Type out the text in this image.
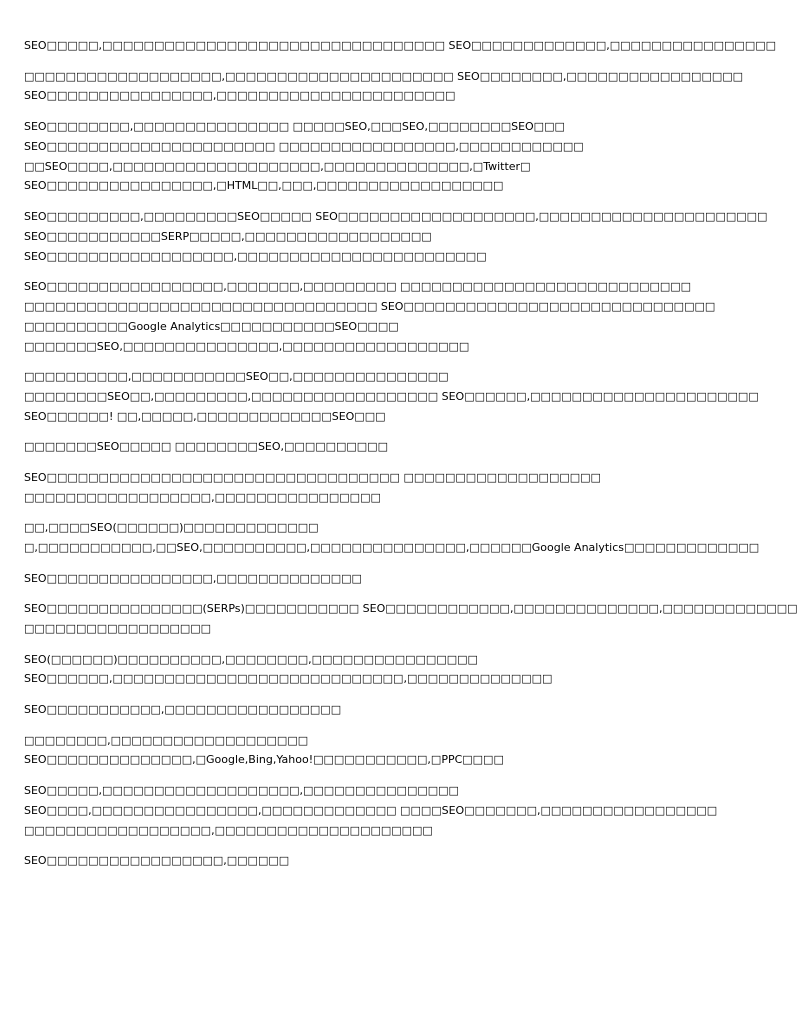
SEO□□□□□,□□□□□□□□□□□□□□□□□□□□□□□□□□□□□□□□□ SEO□□□□□□□□□□□□□,□□□□□□□□□□□□□□□□

□□□□□□□□□□□□□□□□□□□,□□□□□□□□□□□□□□□□□□□□□□ SEO□□□□□□□□,□□□□□□□□□□□□□□□□□
SEO□□□□□□□□□□□□□□□□,□□□□□□□□□□□□□□□□□□□□□□□

SEO□□□□□□□□,□□□□□□□□□□□□□□□ □□□□□SEO,□□□SEO,□□□□□□□□SEO□□□
SEO□□□□□□□□□□□□□□□□□□□□□□ □□□□□□□□□□□□□□□□□,□□□□□□□□□□□□
□□SEO□□□□,□□□□□□□□□□□□□□□□□□□□,□□□□□□□□□□□□□□,□Twitter□
SEO□□□□□□□□□□□□□□□□,□HTML□□,□□□,□□□□□□□□□□□□□□□□□□

SEO□□□□□□□□□,□□□□□□□□□SEO□□□□□ SEO□□□□□□□□□□□□□□□□□□□,□□□□□□□□□□□□□□□□□□□□□□
SEO□□□□□□□□□□□SERP□□□□□,□□□□□□□□□□□□□□□□□□
SEO□□□□□□□□□□□□□□□□□□,□□□□□□□□□□□□□□□□□□□□□□□□

SEO□□□□□□□□□□□□□□□□□,□□□□□□□,□□□□□□□□□ □□□□□□□□□□□□□□□□□□□□□□□□□□□□
□□□□□□□□□□□□□□□□□□□□□□□□□□□□□□□□□□ SEO□□□□□□□□□□□□□□□□□□□□□□□□□□□□□□
□□□□□□□□□□Google Analytics□□□□□□□□□□□SEO□□□□
□□□□□□□SEO,□□□□□□□□□□□□□□□,□□□□□□□□□□□□□□□□□□

□□□□□□□□□□,□□□□□□□□□□□SEO□□,□□□□□□□□□□□□□□□
□□□□□□□□SEO□□,□□□□□□□□□,□□□□□□□□□□□□□□□□□□ SEO□□□□□□,□□□□□□□□□□□□□□□□□□□□□□
SEO□□□□□□! □□,□□□□□,□□□□□□□□□□□□□SEO□□□

□□□□□□□SEO□□□□□ □□□□□□□□SEO,□□□□□□□□□□

SEO□□□□□□□□□□□□□□□□□□□□□□□□□□□□□□□□□□ □□□□□□□□□□□□□□□□□□□
□□□□□□□□□□□□□□□□□□,□□□□□□□□□□□□□□□□

□□,□□□□SEO(□□□□□□)□□□□□□□□□□□□□
□,□□□□□□□□□□□,□□SEO,□□□□□□□□□□,□□□□□□□□□□□□□□□,□□□□□□Google Analytics□□□□□□□□□□□□□

SEO□□□□□□□□□□□□□□□□,□□□□□□□□□□□□□□

SEO□□□□□□□□□□□□□□□(SERPs)□□□□□□□□□□□ SEO□□□□□□□□□□□□,□□□□□□□□□□□□□□,□□□□□□□□□□□□□
□□□□□□□□□□□□□□□□□□

SEO(□□□□□□)□□□□□□□□□□,□□□□□□□□,□□□□□□□□□□□□□□□□
SEO□□□□□□,□□□□□□□□□□□□□□□□□□□□□□□□□□□□,□□□□□□□□□□□□□□

SEO□□□□□□□□□□□,□□□□□□□□□□□□□□□□□

□□□□□□□□,□□□□□□□□□□□□□□□□□□□
SEO□□□□□□□□□□□□□□,□Google,Bing,Yahoo!□□□□□□□□□□□,□PPC□□□□

SEO□□□□□,□□□□□□□□□□□□□□□□□□□,□□□□□□□□□□□□□□□
SEO□□□□,□□□□□□□□□□□□□□□□,□□□□□□□□□□□□□ □□□□SEO□□□□□□□,□□□□□□□□□□□□□□□□□
□□□□□□□□□□□□□□□□□□,□□□□□□□□□□□□□□□□□□□□□

SEO□□□□□□□□□□□□□□□□□,□□□□□□
